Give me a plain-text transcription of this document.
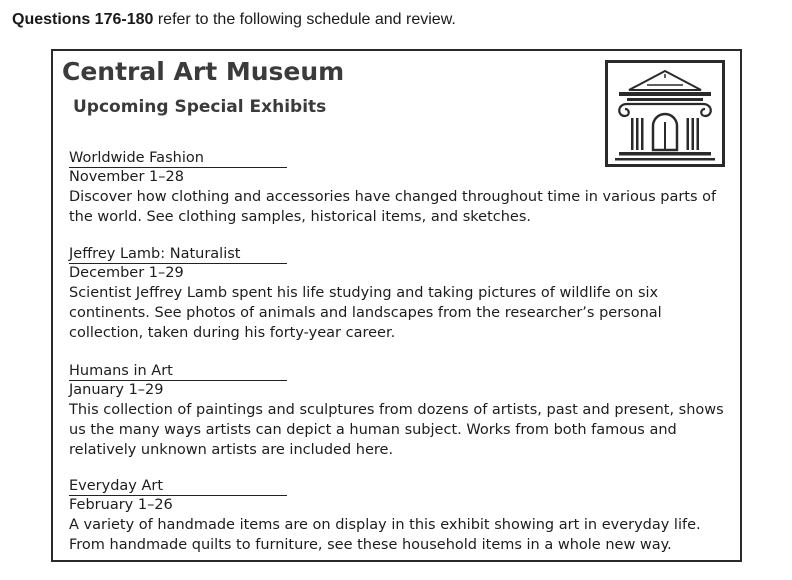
Questions 176-180 refer to the following schedule and review.
Central Art Museum
Upcoming Special Exhibits
Worldwide Fashion
November 1–28
Discover how clothing and accessories have changed throughout time in various parts of the world. See clothing samples, historical items, and sketches.
Jeffrey Lamb: Naturalist
December 1–29
Scientist Jeffrey Lamb spent his life studying and taking pictures of wildlife on six continents. See photos of animals and landscapes from the researcher’s personal collection, taken during his forty-year career.
Humans in Art
January 1–29
This collection of paintings and sculptures from dozens of artists, past and present, shows us the many ways artists can depict a human subject. Works from both famous and relatively unknown artists are included here.
Everyday Art
February 1–26
A variety of handmade items are on display in this exhibit showing art in everyday life. From handmade quilts to furniture, see these household items in a whole new way.
